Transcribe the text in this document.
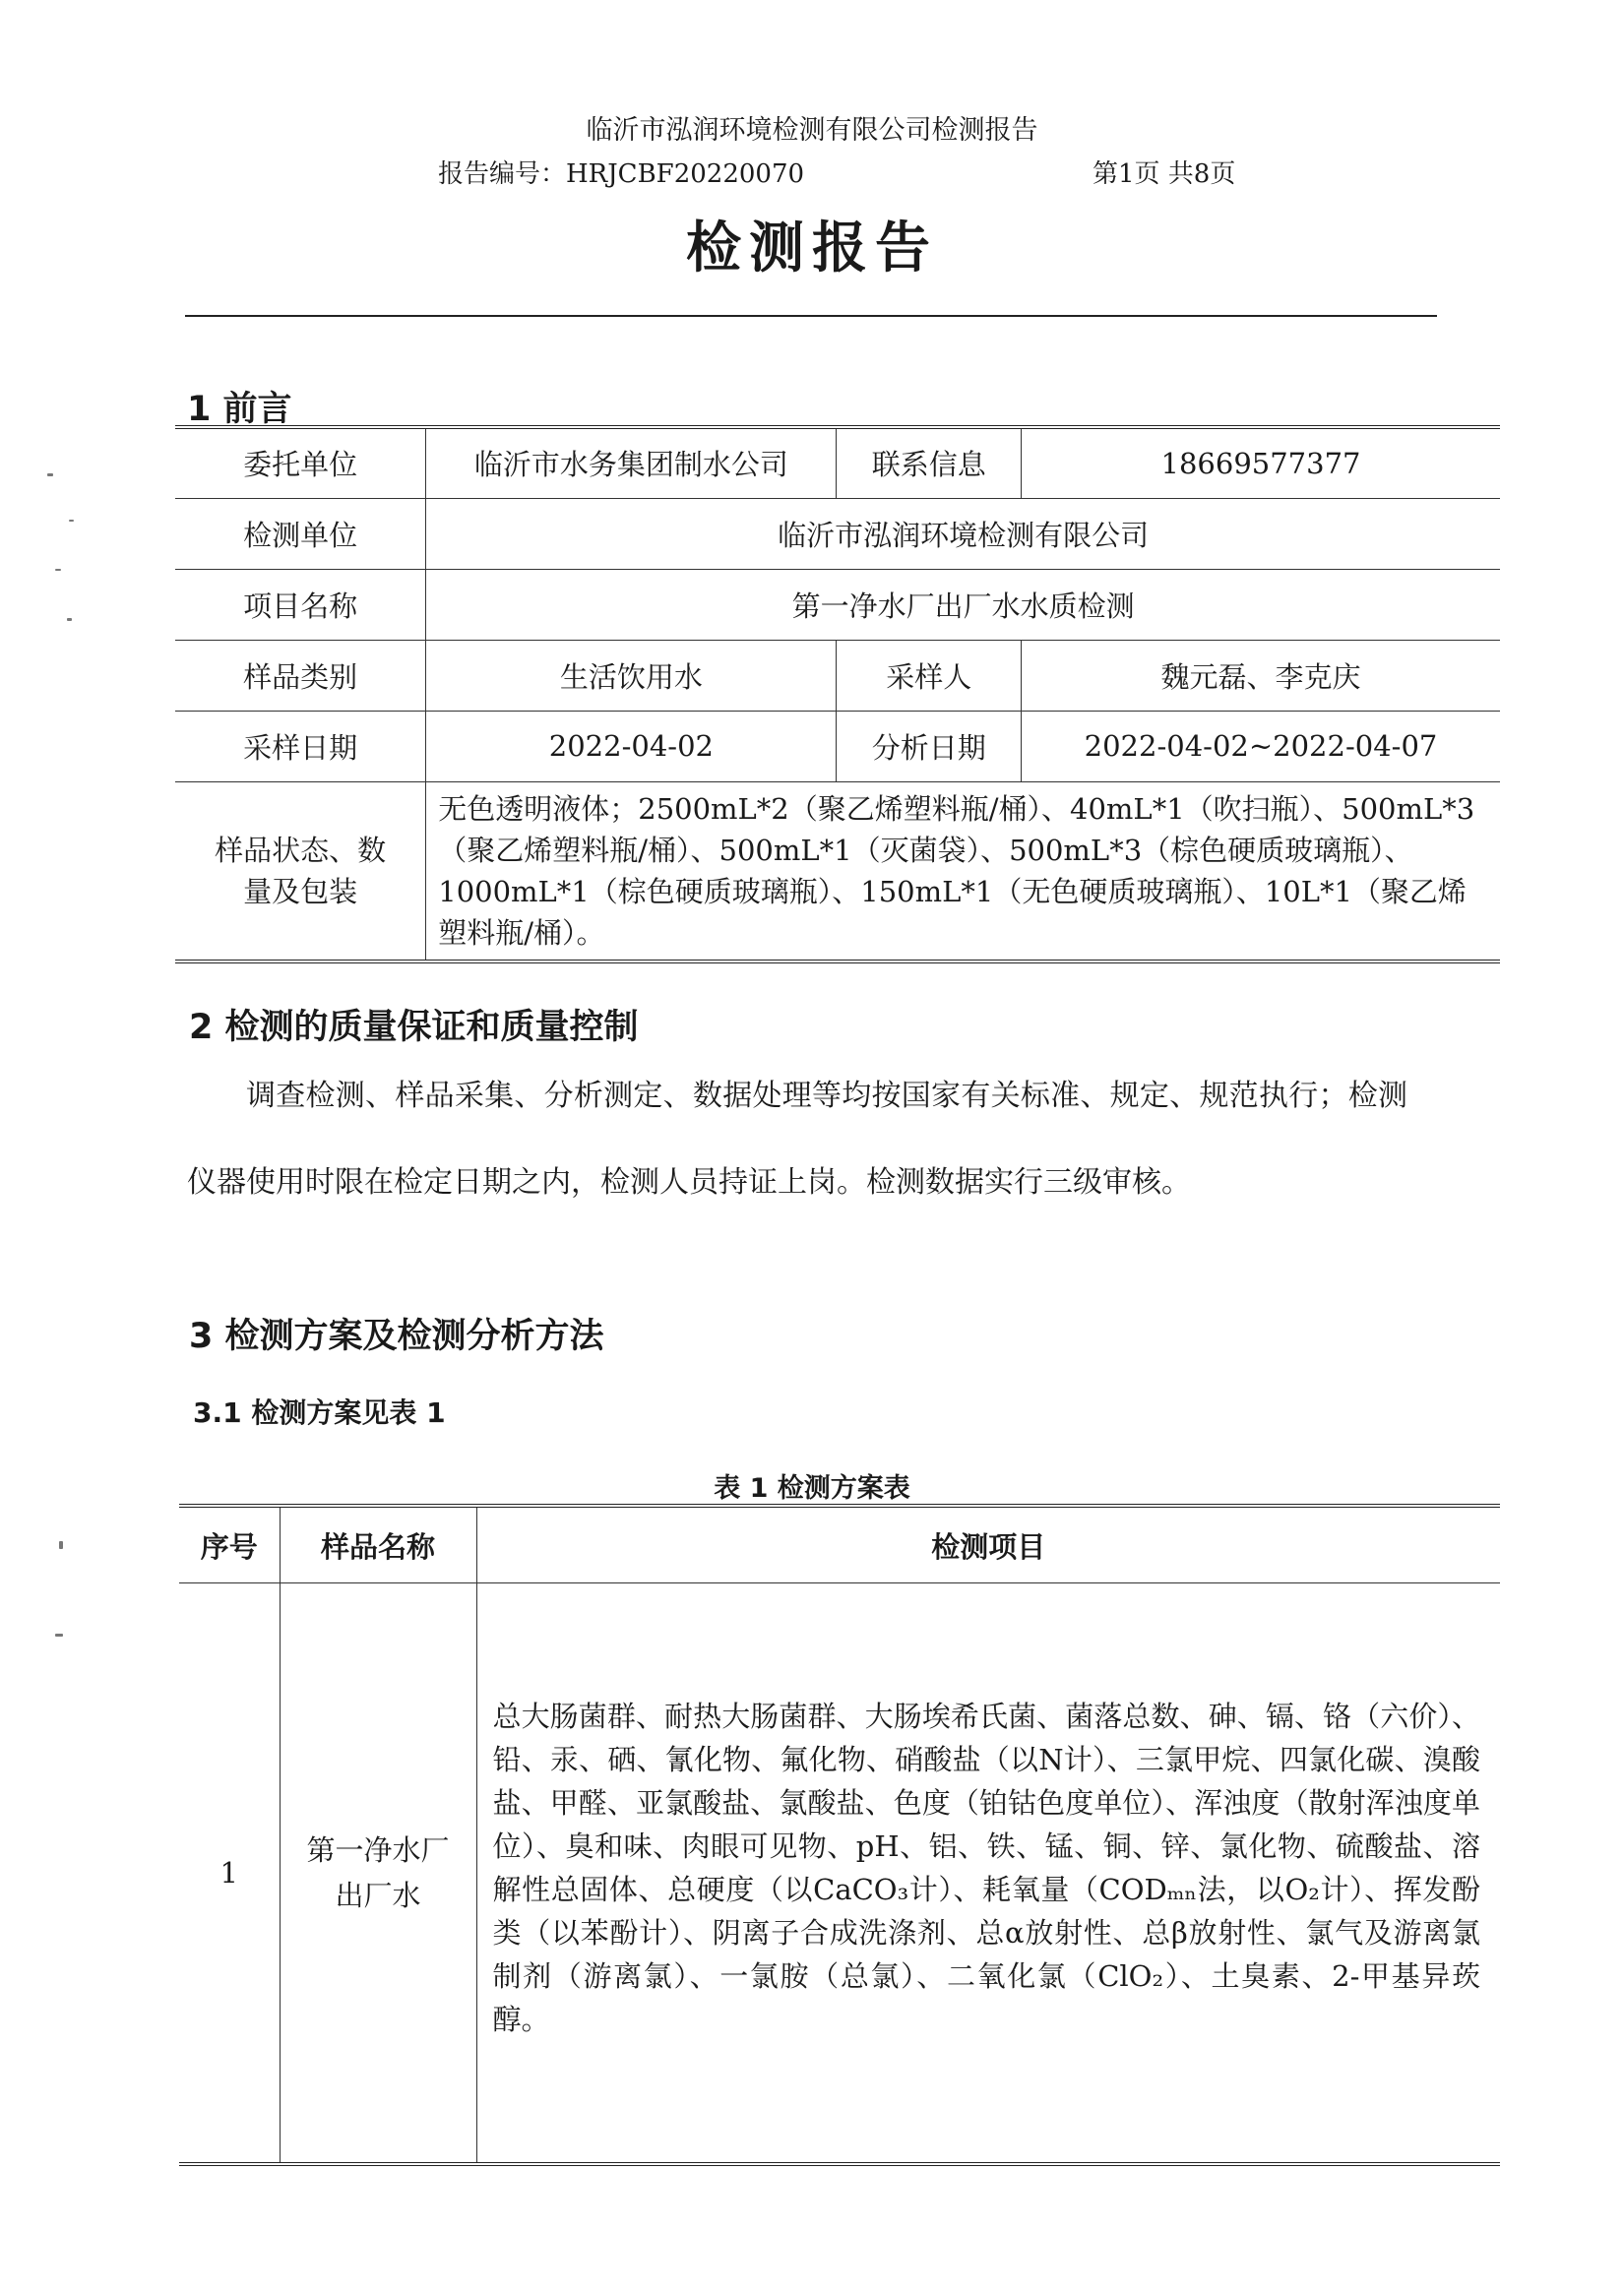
临沂市泓润环境检测有限公司检测报告
报告编号：HRJCBF20220070	第1页 共8页
检测报告
1 前言
委托单位	临沂市水务集团制水公司	联系信息	18669577377
检测单位	临沂市泓润环境检测有限公司		
项目名称	第一净水厂出厂水水质检测		
样品类别	生活饮用水	采样人	魏元磊、李克庆
采样日期	2022-04-02	分析日期	2022-04-02~2022-04-07
样品状态、数量及包装	无色透明液体；2500mL*2（聚乙烯塑料瓶/桶）、40mL*1（吹扫瓶）、500mL*3（聚乙烯塑料瓶/桶）、500mL*1（灭菌袋）、500mL*3（棕色硬质玻璃瓶）、1000mL*1（棕色硬质玻璃瓶）、150mL*1（无色硬质玻璃瓶）、10L*1（聚乙烯塑料瓶/桶）。		
2 检测的质量保证和质量控制
调查检测、样品采集、分析测定、数据处理等均按国家有关标准、规定、规范执行；检测仪器使用时限在检定日期之内，检测人员持证上岗。检测数据实行三级审核。
3 检测方案及检测分析方法
3.1 检测方案见表 1
表 1 检测方案表
序号	样品名称	检测项目
1	第一净水厂出厂水	总大肠菌群、耐热大肠菌群、大肠埃希氏菌、菌落总数、砷、镉、铬（六价）、铅、汞、硒、氰化物、氟化物、硝酸盐（以N计）、三氯甲烷、四氯化碳、溴酸盐、甲醛、亚氯酸盐、氯酸盐、色度（铂钴色度单位）、浑浊度（散射浑浊度单位）、臭和味、肉眼可见物、pH、铝、铁、锰、铜、锌、氯化物、硫酸盐、溶解性总固体、总硬度（以CaCO₃计）、耗氧量（CODₘₙ法，以O₂计）、挥发酚类（以苯酚计）、阴离子合成洗涤剂、总α放射性、总β放射性、氯气及游离氯制剂（游离氯）、一氯胺（总氯）、二氧化氯（ClO₂）、土臭素、2-甲基异莰醇。
